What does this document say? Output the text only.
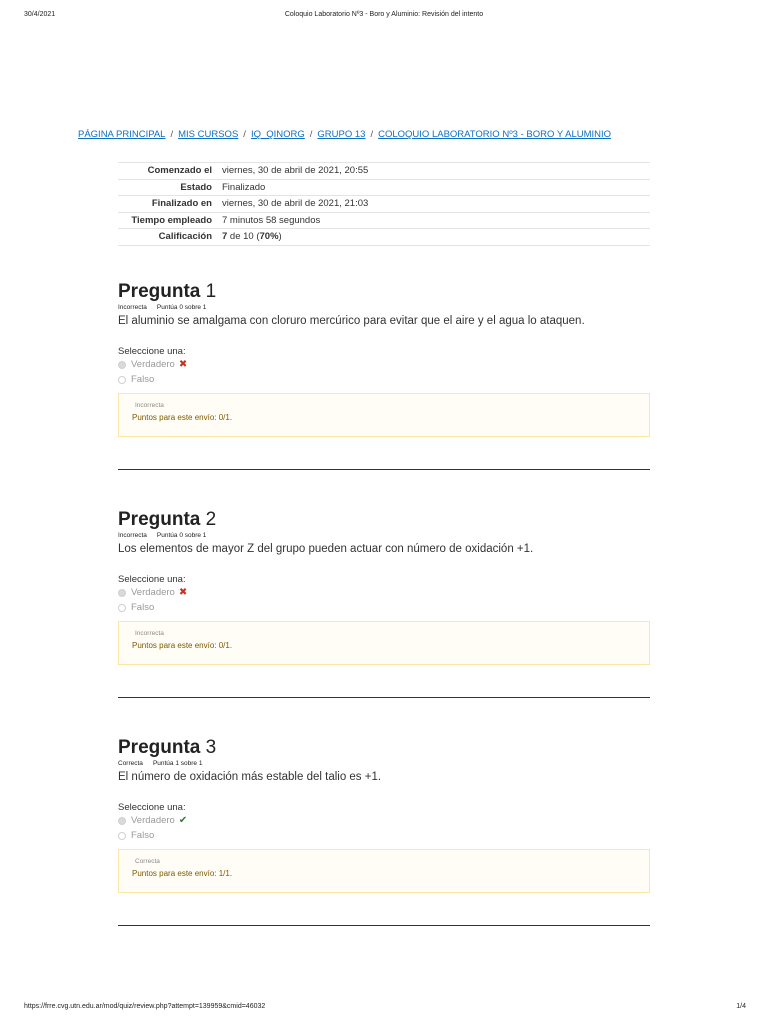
30/4/2021	Coloquio Laboratorio Nº3 - Boro y Aluminio: Revisión del intento
PÁGINA PRINCIPAL / MIS CURSOS / IQ_QINORG / GRUPO 13 / COLOQUIO LABORATORIO Nº3 - BORO Y ALUMINIO
Comenzado el	viernes, 30 de abril de 2021, 20:55
Estado	Finalizado
Finalizado en	viernes, 30 de abril de 2021, 21:03
Tiempo empleado	7 minutos 58 segundos
Calificación	7 de 10 (70%)
Pregunta 1
Incorrecta Puntúa 0 sobre 1
El aluminio se amalgama con cloruro mercúrico para evitar que el aire y el agua lo ataquen.
Seleccione una:
Verdadero ✖
Falso
Incorrecta
Puntos para este envío: 0/1.
Pregunta 2
Incorrecta Puntúa 0 sobre 1
Los elementos de mayor Z del grupo pueden actuar con número de oxidación +1.
Seleccione una:
Verdadero ✖
Falso
Incorrecta
Puntos para este envío: 0/1.
Pregunta 3
Correcta Puntúa 1 sobre 1
El número de oxidación más estable del talio es +1.
Seleccione una:
Verdadero ✔
Falso
Correcta
Puntos para este envío: 1/1.
https://frre.cvg.utn.edu.ar/mod/quiz/review.php?attempt=139959&cmid=46032	1/4
